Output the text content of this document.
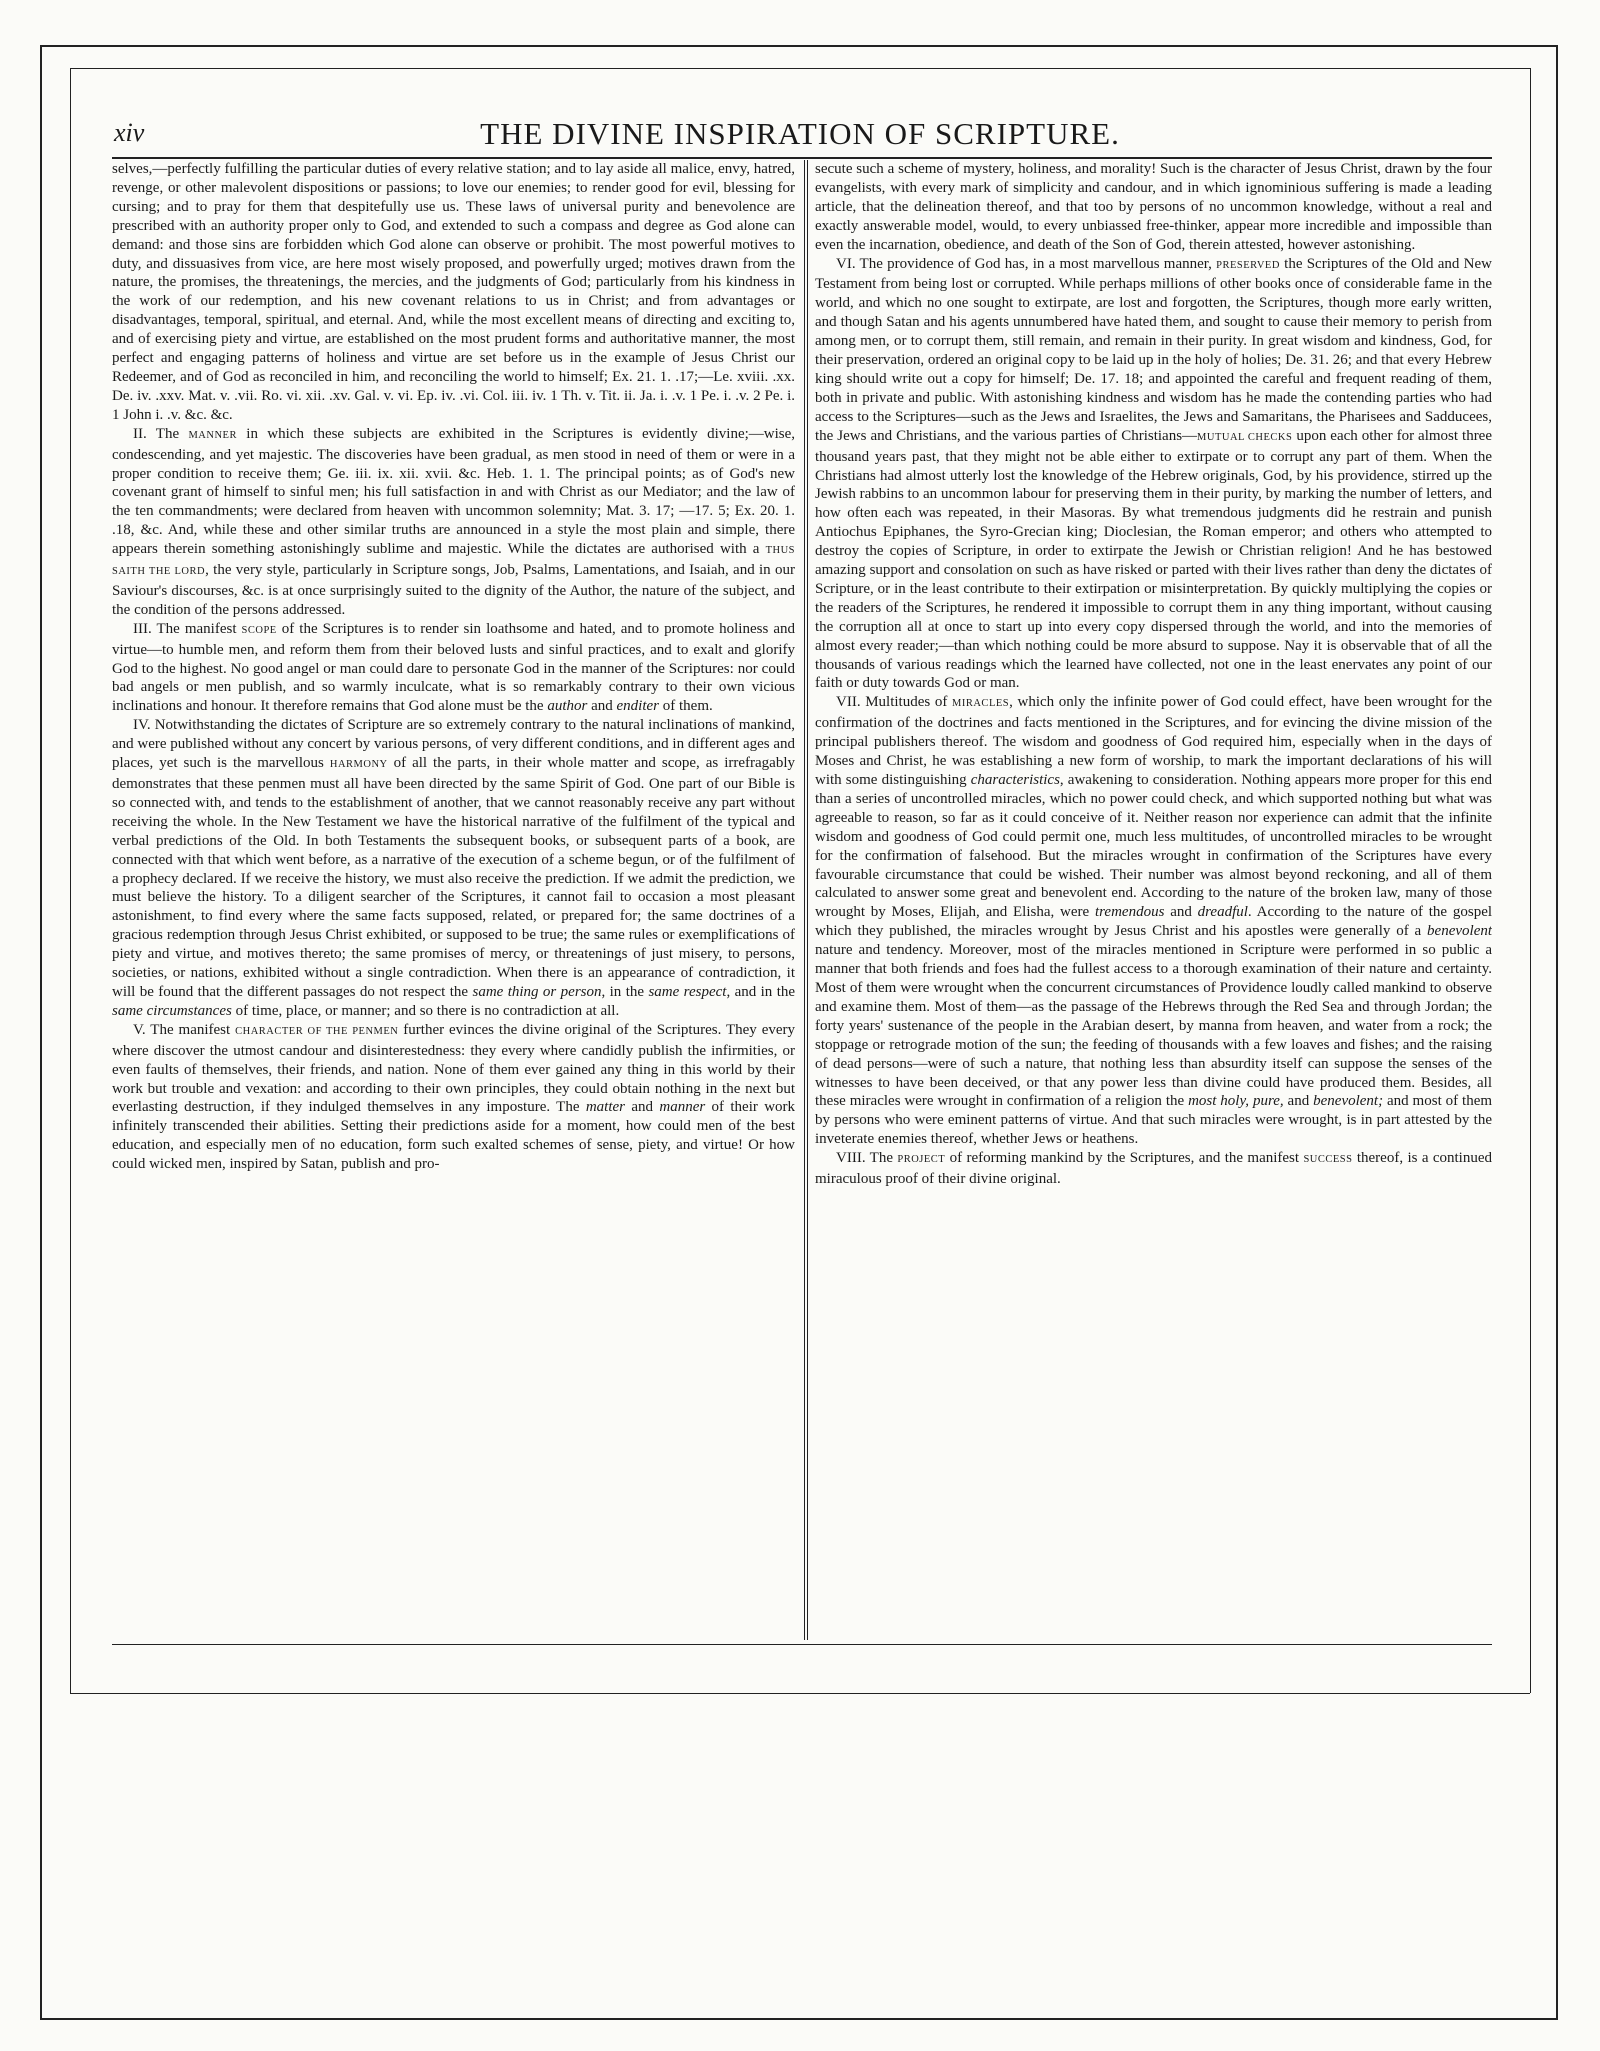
xiv	THE DIVINE INSPIRATION OF SCRIPTURE.

selves,—perfectly fulfilling the particular duties of every relative station; and to lay aside all malice, envy, hatred, revenge, or other malevolent dispositions or passions; to love our enemies; to render good for evil, blessing for cursing; and to pray for them that despitefully use us. These laws of universal purity and benevolence are prescribed with an authority proper only to God, and extended to such a compass and degree as God alone can demand: and those sins are forbidden which God alone can observe or prohibit. The most powerful motives to duty, and dissuasives from vice, are here most wisely proposed, and powerfully urged; motives drawn from the nature, the promises, the threatenings, the mercies, and the judgments of God; particularly from his kindness in the work of our redemption, and his new covenant relations to us in Christ; and from advantages or disadvantages, temporal, spiritual, and eternal. And, while the most excellent means of directing and exciting to, and of exercising piety and virtue, are established on the most prudent forms and authoritative manner, the most perfect and engaging patterns of holiness and virtue are set before us in the example of Jesus Christ our Redeemer, and of God as reconciled in him, and reconciling the world to himself; Ex. 21. 1. .17;—Le. xviii. .xx. De. iv. .xxv. Mat. v. .vii. Ro. vi. xii. .xv. Gal. v. vi. Ep. iv. .vi. Col. iii. iv. 1 Th. v. Tit. ii. Ja. i. .v. 1 Pe. i. .v. 2 Pe. i. 1 John i. .v. &c. &c.

II. The MANNER in which these subjects are exhibited in the Scriptures is evidently divine;—wise, condescending, and yet majestic. The discoveries have been gradual, as men stood in need of them or were in a proper condition to receive them; Ge. iii. ix. xii. xvii. &c. Heb. 1. 1. The principal points; as of God's new covenant grant of himself to sinful men; his full satisfaction in and with Christ as our Mediator; and the law of the ten commandments; were declared from heaven with uncommon solemnity; Mat. 3. 17; —17. 5; Ex. 20. 1. .18, &c. And, while these and other similar truths are announced in a style the most plain and simple, there appears therein something astonishingly sublime and majestic. While the dictates are authorised with a THUS SAITH THE LORD, the very style, particularly in Scripture songs, Job, Psalms, Lamentations, and Isaiah, and in our Saviour's discourses, &c. is at once surprisingly suited to the dignity of the Author, the nature of the subject, and the condition of the persons addressed.

III. The manifest SCOPE of the Scriptures is to render sin loathsome and hated, and to promote holiness and virtue—to humble men, and reform them from their beloved lusts and sinful practices, and to exalt and glorify God to the highest. No good angel or man could dare to personate God in the manner of the Scriptures: nor could bad angels or men publish, and so warmly inculcate, what is so remarkably contrary to their own vicious inclinations and honour. It therefore remains that God alone must be the author and enditer of them.

IV. Notwithstanding the dictates of Scripture are so extremely contrary to the natural inclinations of mankind, and were published without any concert by various persons, of very different conditions, and in different ages and places, yet such is the marvellous HARMONY of all the parts, in their whole matter and scope, as irrefragably demonstrates that these penmen must all have been directed by the same Spirit of God. One part of our Bible is so connected with, and tends to the establishment of another, that we cannot reasonably receive any part without receiving the whole. In the New Testament we have the historical narrative of the fulfilment of the typical and verbal predictions of the Old. In both Testaments the subsequent books, or subsequent parts of a book, are connected with that which went before, as a narrative of the execution of a scheme begun, or of the fulfilment of a prophecy declared. If we receive the history, we must also receive the prediction. If we admit the prediction, we must believe the history. To a diligent searcher of the Scriptures, it cannot fail to occasion a most pleasant astonishment, to find every where the same facts supposed, related, or prepared for; the same doctrines of a gracious redemption through Jesus Christ exhibited, or supposed to be true; the same rules or exemplifications of piety and virtue, and motives thereto; the same promises of mercy, or threatenings of just misery, to persons, societies, or nations, exhibited without a single contradiction. When there is an appearance of contradiction, it will be found that the different passages do not respect the same thing or person, in the same respect, and in the same circumstances of time, place, or manner; and so there is no contradiction at all.

V. The manifest CHARACTER OF THE PENMEN further evinces the divine original of the Scriptures. They every where discover the utmost candour and disinterestedness: they every where candidly publish the infirmities, or even faults of themselves, their friends, and nation. None of them ever gained any thing in this world by their work but trouble and vexation: and according to their own principles, they could obtain nothing in the next but everlasting destruction, if they indulged themselves in any imposture. The matter and manner of their work infinitely transcended their abilities. Setting their predictions aside for a moment, how could men of the best education, and especially men of no education, form such exalted schemes of sense, piety, and virtue! Or how could wicked men, inspired by Satan, publish and pro-

secute such a scheme of mystery, holiness, and morality! Such is the character of Jesus Christ, drawn by the four evangelists, with every mark of simplicity and candour, and in which ignominious suffering is made a leading article, that the delineation thereof, and that too by persons of no uncommon knowledge, without a real and exactly answerable model, would, to every unbiassed free-thinker, appear more incredible and impossible than even the incarnation, obedience, and death of the Son of God, therein attested, however astonishing.

VI. The providence of God has, in a most marvellous manner, PRESERVED the Scriptures of the Old and New Testament from being lost or corrupted. While perhaps millions of other books once of considerable fame in the world, and which no one sought to extirpate, are lost and forgotten, the Scriptures, though more early written, and though Satan and his agents unnumbered have hated them, and sought to cause their memory to perish from among men, or to corrupt them, still remain, and remain in their purity. In great wisdom and kindness, God, for their preservation, ordered an original copy to be laid up in the holy of holies; De. 31. 26; and that every Hebrew king should write out a copy for himself; De. 17. 18; and appointed the careful and frequent reading of them, both in private and public. With astonishing kindness and wisdom has he made the contending parties who had access to the Scriptures—such as the Jews and Israelites, the Jews and Samaritans, the Pharisees and Sadducees, the Jews and Christians, and the various parties of Christians—MUTUAL CHECKS upon each other for almost three thousand years past, that they might not be able either to extirpate or to corrupt any part of them. When the Christians had almost utterly lost the knowledge of the Hebrew originals, God, by his providence, stirred up the Jewish rabbins to an uncommon labour for preserving them in their purity, by marking the number of letters, and how often each was repeated, in their Masoras. By what tremendous judgments did he restrain and punish Antiochus Epiphanes, the Syro-Grecian king; Dioclesian, the Roman emperor; and others who attempted to destroy the copies of Scripture, in order to extirpate the Jewish or Christian religion! And he has bestowed amazing support and consolation on such as have risked or parted with their lives rather than deny the dictates of Scripture, or in the least contribute to their extirpation or misinterpretation. By quickly multiplying the copies or the readers of the Scriptures, he rendered it impossible to corrupt them in any thing important, without causing the corruption all at once to start up into every copy dispersed through the world, and into the memories of almost every reader;—than which nothing could be more absurd to suppose. Nay it is observable that of all the thousands of various readings which the learned have collected, not one in the least enervates any point of our faith or duty towards God or man.

VII. Multitudes of MIRACLES, which only the infinite power of God could effect, have been wrought for the confirmation of the doctrines and facts mentioned in the Scriptures, and for evincing the divine mission of the principal publishers thereof. The wisdom and goodness of God required him, especially when in the days of Moses and Christ, he was establishing a new form of worship, to mark the important declarations of his will with some distinguishing characteristics, awakening to consideration. Nothing appears more proper for this end than a series of uncontrolled miracles, which no power could check, and which supported nothing but what was agreeable to reason, so far as it could conceive of it. Neither reason nor experience can admit that the infinite wisdom and goodness of God could permit one, much less multitudes, of uncontrolled miracles to be wrought for the confirmation of falsehood. But the miracles wrought in confirmation of the Scriptures have every favourable circumstance that could be wished. Their number was almost beyond reckoning, and all of them calculated to answer some great and benevolent end. According to the nature of the broken law, many of those wrought by Moses, Elijah, and Elisha, were tremendous and dreadful. According to the nature of the gospel which they published, the miracles wrought by Jesus Christ and his apostles were generally of a benevolent nature and tendency. Moreover, most of the miracles mentioned in Scripture were performed in so public a manner that both friends and foes had the fullest access to a thorough examination of their nature and certainty. Most of them were wrought when the concurrent circumstances of Providence loudly called mankind to observe and examine them. Most of them—as the passage of the Hebrews through the Red Sea and through Jordan; the forty years' sustenance of the people in the Arabian desert, by manna from heaven, and water from a rock; the stoppage or retrograde motion of the sun; the feeding of thousands with a few loaves and fishes; and the raising of dead persons—were of such a nature, that nothing less than absurdity itself can suppose the senses of the witnesses to have been deceived, or that any power less than divine could have produced them. Besides, all these miracles were wrought in confirmation of a religion the most holy, pure, and benevolent; and most of them by persons who were eminent patterns of virtue. And that such miracles were wrought, is in part attested by the inveterate enemies thereof, whether Jews or heathens.

VIII. The PROJECT of reforming mankind by the Scriptures, and the manifest SUCCESS thereof, is a continued miraculous proof of their divine original.
